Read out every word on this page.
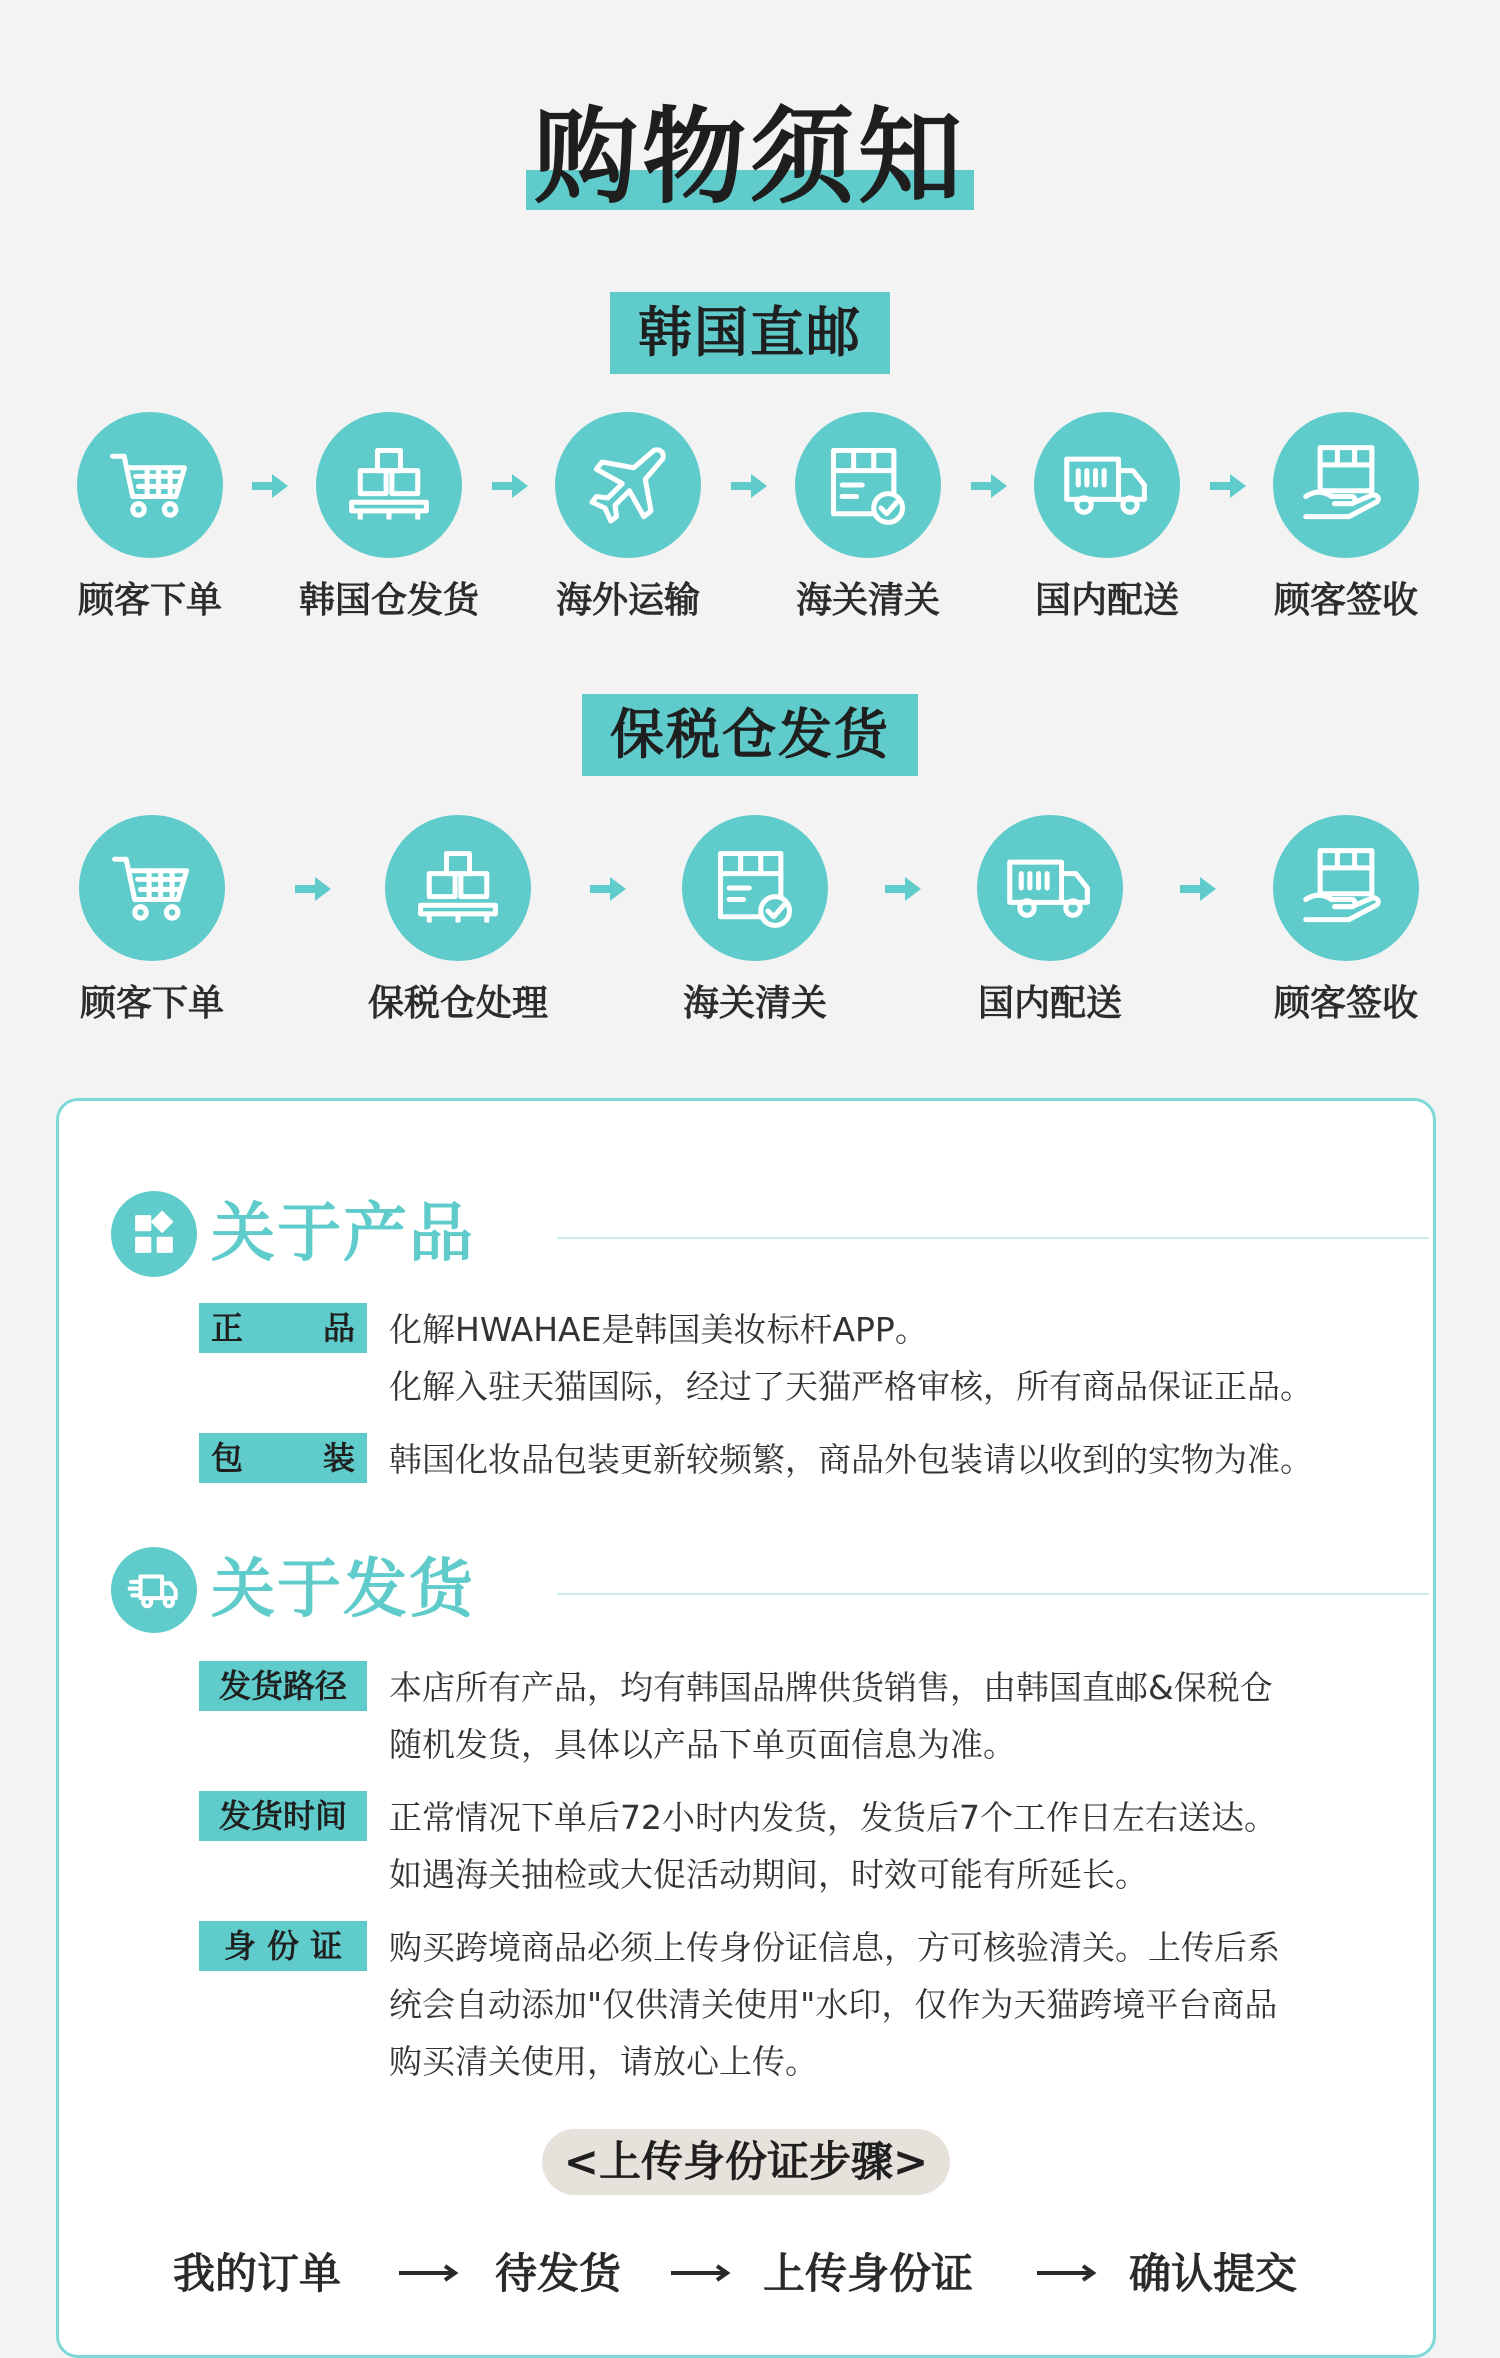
购物须知
韩国直邮
顾客下单	韩国仓发货	海外运输	海关清关	国内配送	顾客签收
保税仓发货
顾客下单	保税仓处理	海关清关	国内配送	顾客签收
关于产品
正 品 化解HWAHAE是韩国美妆标杆APP。
化解入驻天猫国际，经过了天猫严格审核，所有商品保证正品。
包 装 韩国化妆品包装更新较频繁，商品外包装请以收到的实物为准。
关于发货
发货路径	本店所有产品，均有韩国品牌供货销售，由韩国直邮&保税仓
随机发货，具体以产品下单页面信息为准。
发货时间	正常情况下单后72小时内发货，发货后7个工作日左右送达。
如遇海关抽检或大促活动期间，时效可能有所延长。
身 份 证	购买跨境商品必须上传身份证信息，方可核验清关。上传后系
统会自动添加"仅供清关使用"水印，仅作为天猫跨境平台商品
购买清关使用，请放心上传。
<上传身份证步骤>
我的订单	待发货	上传身份证	确认提交
